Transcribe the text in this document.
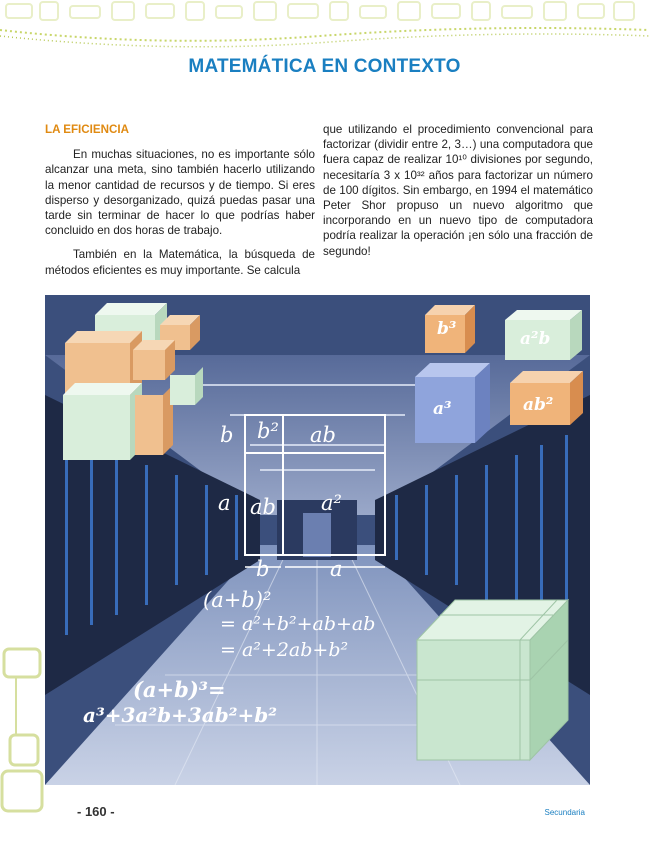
MATEMÁTICA EN CONTEXTO

LA EFICIENCIA

En muchas situaciones, no es importante sólo alcanzar una meta, sino también hacerlo utilizando la menor cantidad de recursos y de tiempo. Si eres disperso y desorganizado, quizá puedas pasar una tarde sin terminar de hacer lo que podrías haber concluido en dos horas de trabajo.

También en la Matemática, la búsqueda de métodos eficientes es muy importante. Se calcula

que utilizando el procedimiento convencional para factorizar (dividir entre 2, 3…) una computadora que fuera capaz de realizar 10¹⁰ divisiones por segundo, necesitaría 3 x 10³² años para factorizar un número de 100 dígitos. Sin embargo, en 1994 el matemático Peter Shor propuso un nuevo algoritmo que incorporando en un nuevo tipo de computadora podría realizar la operación ¡en sólo una fracción de segundo!

b³	a²b
a³	ab²
b b² ab
a ab a²
b	a
(a+b)²
= a²+b²+ab+ab
= a²+2ab+b²
(a+b)³=
a³+3a²b+3ab²+b²
- 160 -	Secundaria
